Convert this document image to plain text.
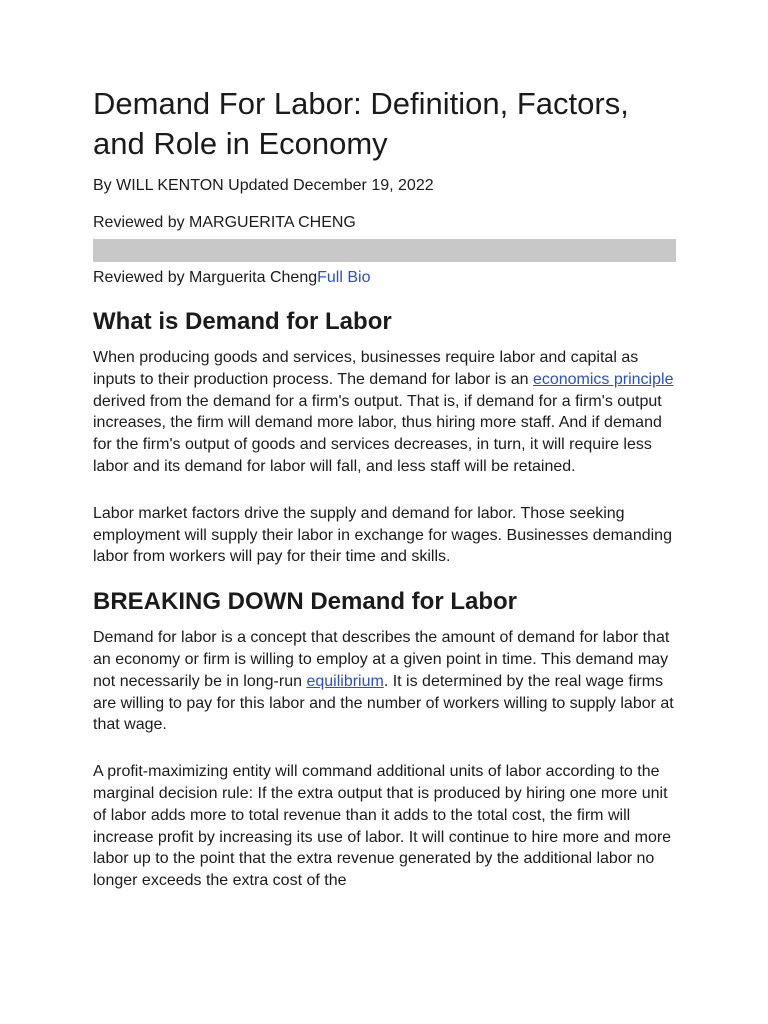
Demand For Labor: Definition, Factors, and Role in Economy
By WILL KENTON Updated December 19, 2022
Reviewed by MARGUERITA CHENG
Reviewed by Marguerita ChengFull Bio
What is Demand for Labor

When producing goods and services, businesses require labor and capital as inputs to their production process. The demand for labor is an economics principle derived from the demand for a firm's output. That is, if demand for a firm's output increases, the firm will demand more labor, thus hiring more staff. And if demand for the firm's output of goods and services decreases, in turn, it will require less labor and its demand for labor will fall, and less staff will be retained.

Labor market factors drive the supply and demand for labor. Those seeking employment will supply their labor in exchange for wages. Businesses demanding labor from workers will pay for their time and skills.

BREAKING DOWN Demand for Labor

Demand for labor is a concept that describes the amount of demand for labor that an economy or firm is willing to employ at a given point in time. This demand may not necessarily be in long-run equilibrium. It is determined by the real wage firms are willing to pay for this labor and the number of workers willing to supply labor at that wage.

A profit-maximizing entity will command additional units of labor according to the marginal decision rule: If the extra output that is produced by hiring one more unit of labor adds more to total revenue than it adds to the total cost, the firm will increase profit by increasing its use of labor. It will continue to hire more and more labor up to the point that the extra revenue generated by the additional labor no longer exceeds the extra cost of the
